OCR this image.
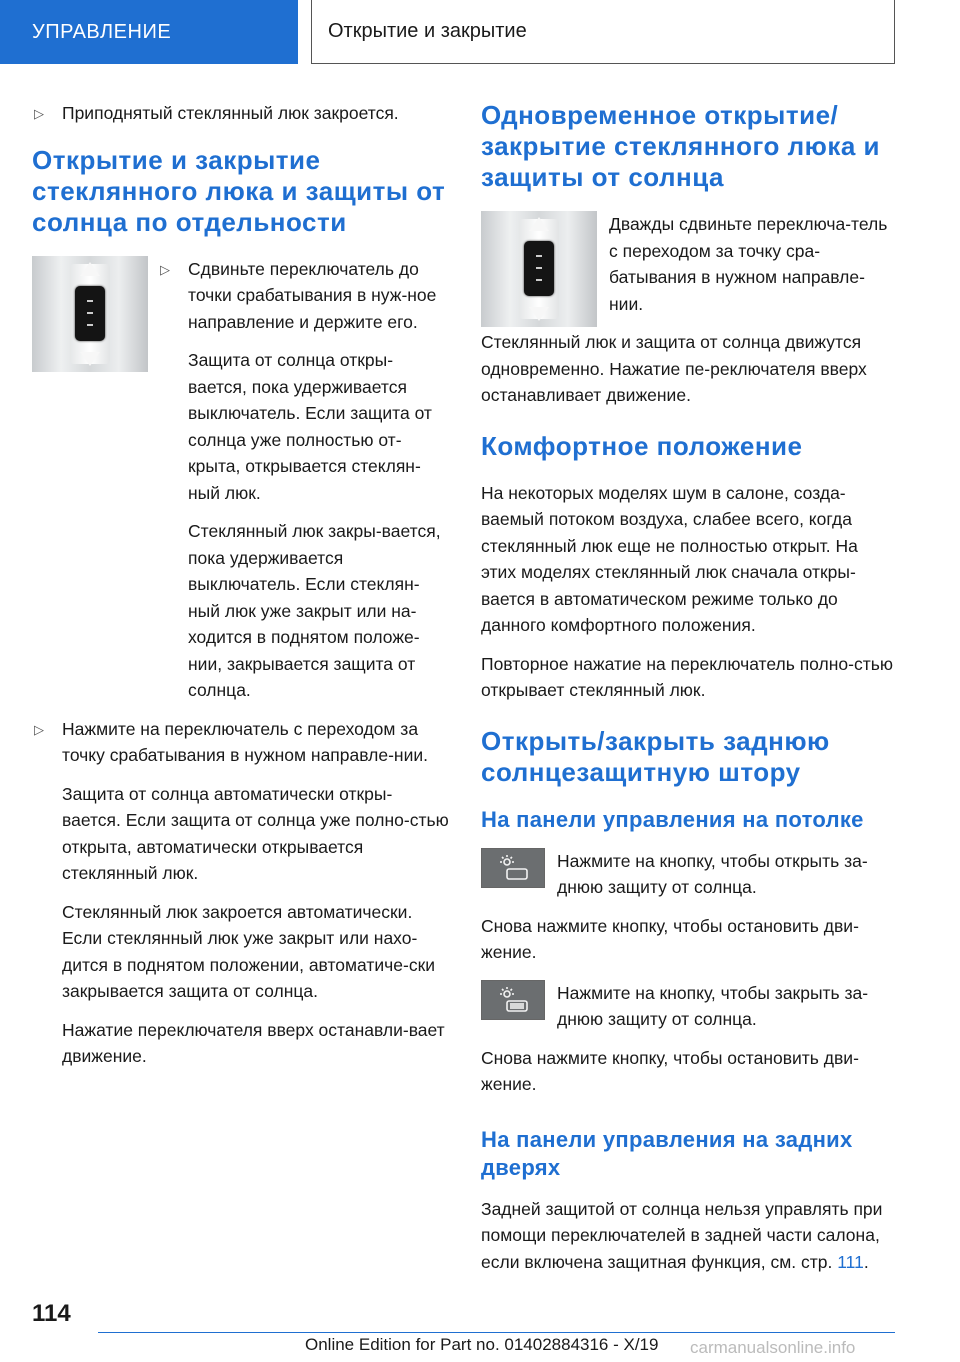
УПРАВЛЕНИЕ	Открытие и закрытие

▷ Приподнятый стеклянный люк закроется.

Открытие и закрытие стеклянного люка и защиты от солнца по отдельности

▷ Сдвиньте переключатель до точки срабатывания в нуж-ное направление и держите его.

Защита от солнца откры-вается, пока удерживается выключатель. Если защита от солнца уже полностью от-крыта, открывается стеклян-ный люк.

Стеклянный люк закры-вается, пока удерживается выключатель. Если стеклян-ный люк уже закрыт или на-ходится в поднятом положе-нии, закрывается защита от солнца.

▷ Нажмите на переключатель с переходом за точку срабатывания в нужном направле-нии.

Защита от солнца автоматически откры-вается. Если защита от солнца уже полно-стью открыта, автоматически открывается стеклянный люк.

Стеклянный люк закроется автоматически. Если стеклянный люк уже закрыт или нахо-дится в поднятом положении, автоматиче-ски закрывается защита от солнца.

Нажатие переключателя вверх останавли-вает движение.

Одновременное открытие/закрытие стеклянного люка и защиты от солнца

Дважды сдвиньте переключа-тель с переходом за точку сра-батывания в нужном направле-нии.

Стеклянный люк и защита от солнца движутся одновременно. Нажатие пе-реключателя вверх останавливает движение.

Комфортное положение

На некоторых моделях шум в салоне, созда-ваемый потоком воздуха, слабее всего, когда стеклянный люк еще не полностью открыт. На этих моделях стеклянный люк сначала откры-вается в автоматическом режиме только до данного комфортного положения.

Повторное нажатие на переключатель полно-стью открывает стеклянный люк.

Открыть/закрыть заднюю солнцезащитную штору
На панели управления на потолке

Нажмите на кнопку, чтобы открыть за-днюю защиту от солнца.

Снова нажмите кнопку, чтобы остановить дви-жение.

Нажмите на кнопку, чтобы закрыть за-днюю защиту от солнца.

Снова нажмите кнопку, чтобы остановить дви-жение.

На панели управления на задних дверях

Задней защитой от солнца нельзя управлять при помощи переключателей в задней части салона, если включена защитная функция, см. стр. 111.

114
Online Edition for Part no. 01402884316 - X/19 carmanualsonline.info
